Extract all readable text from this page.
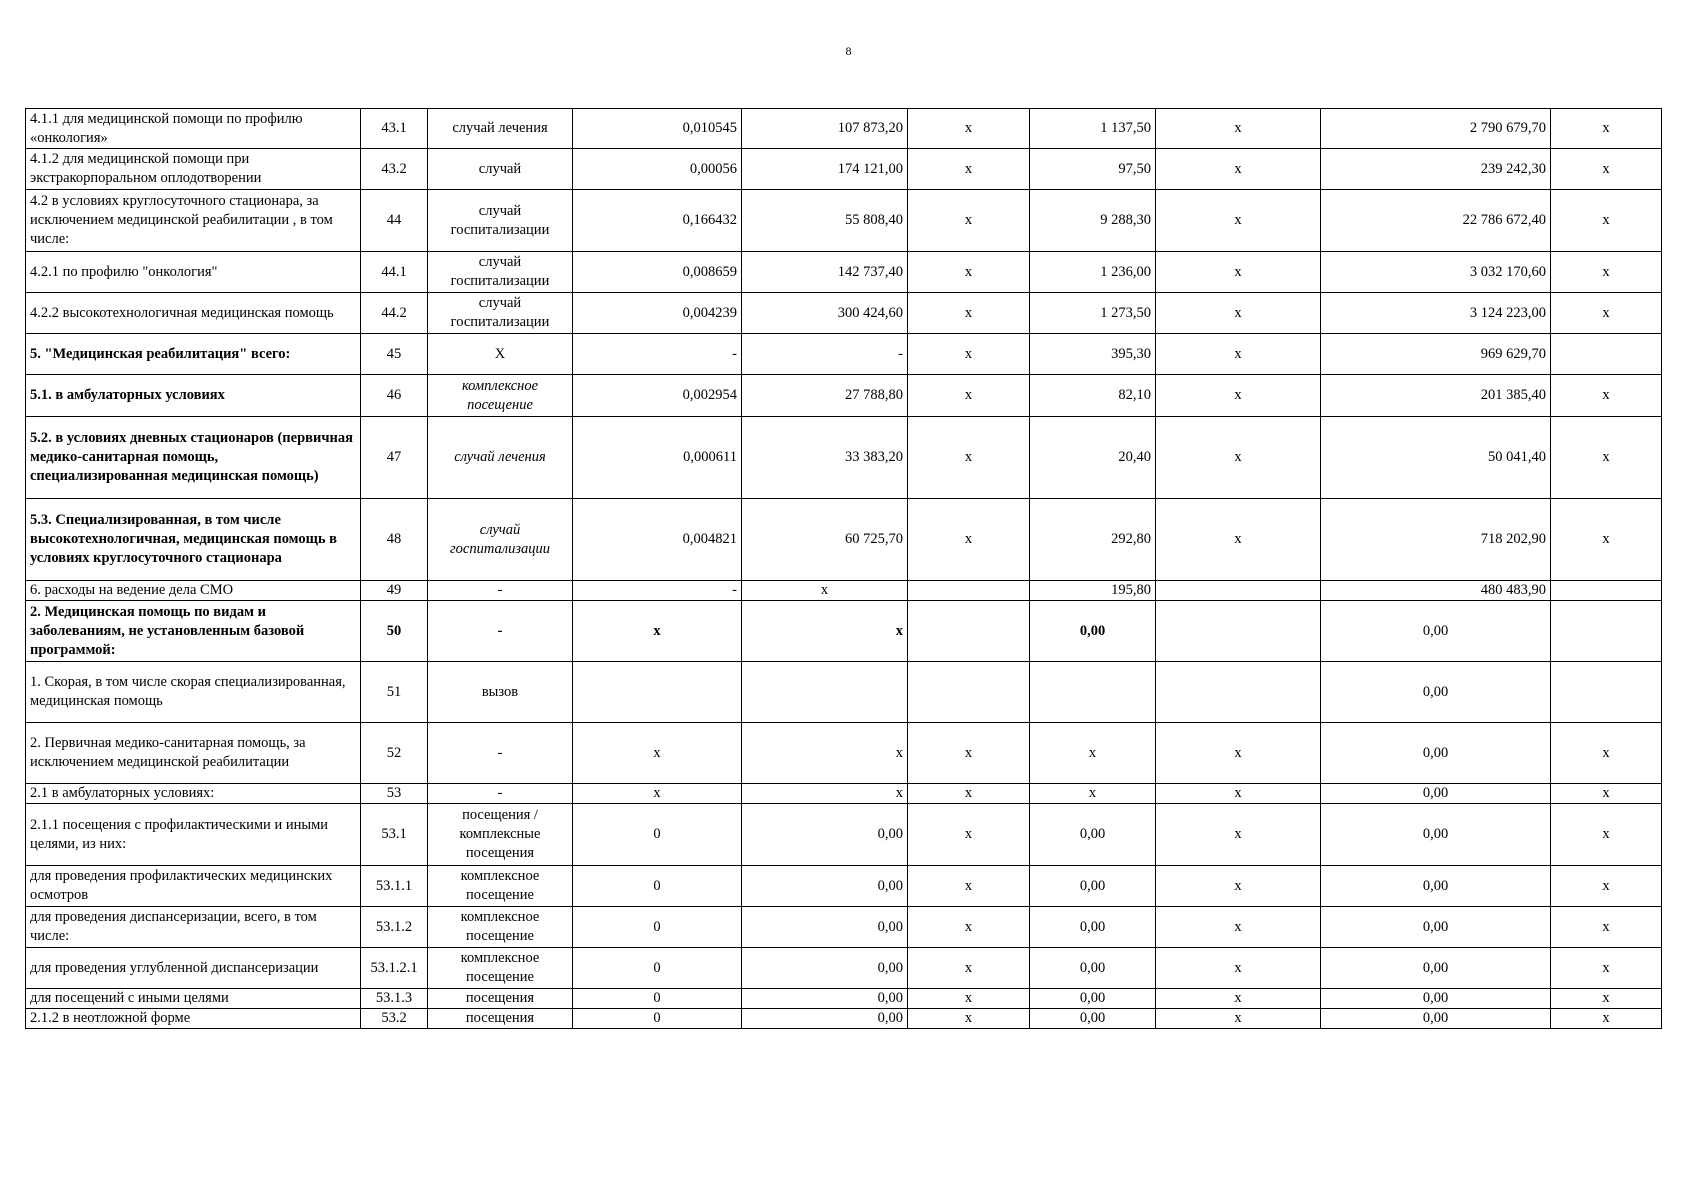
8
4.1.1 для медицинской помощи по профилю «онкология»	43.1	случай лечения	0,010545	107 873,20	x	1 137,50	x	2 790 679,70	x
4.1.2 для медицинской помощи при экстракорпоральном оплодотворении	43.2	случай	0,00056	174 121,00	x	97,50	x	239 242,30	x
4.2 в условиях круглосуточного стационара, за исключением медицинской реабилитации , в том числе:	44	случай госпитализации	0,166432	55 808,40	x	9 288,30	x	22 786 672,40	x
4.2.1 по профилю "онкология"	44.1	случай госпитализации	0,008659	142 737,40	x	1 236,00	x	3 032 170,60	x
4.2.2 высокотехнологичная медицинская помощь	44.2	случай госпитализации	0,004239	300 424,60	x	1 273,50	x	3 124 223,00	x
5. "Медицинская реабилитация" всего:	45	X	-	-	x	395,30	x	969 629,70	
5.1. в амбулаторных условиях	46	комплексное посещение	0,002954	27 788,80	x	82,10	x	201 385,40	x
5.2. в условиях дневных стационаров (первичная медико-санитарная помощь, специализированная медицинская помощь)	47	случай лечения	0,000611	33 383,20	x	20,40	x	50 041,40	x
5.3. Специализированная, в том числе высокотехнологичная, медицинская помощь в условиях круглосуточного стационара	48	случай госпитализации	0,004821	60 725,70	x	292,80	x	718 202,90	x
6. расходы на ведение дела СМО	49	-	-	x		195,80		480 483,90	
2. Медицинская помощь по видам и заболеваниям, не установленным базовой программой:	50	-	x	x		0,00		0,00	
1. Скорая, в том числе скорая специализированная, медицинская помощь	51	вызов						0,00	
2. Первичная медико-санитарная помощь, за исключением медицинской реабилитации	52	-	x	x	x	x	x	0,00	x
2.1 в амбулаторных условиях:	53	-	x	x	x	x	x	0,00	x
2.1.1 посещения с профилактическими и иными целями, из них:	53.1	посещения / комплексные посещения	0	0,00	x	0,00	x	0,00	x
для проведения профилактических медицинских осмотров	53.1.1	комплексное посещение	0	0,00	x	0,00	x	0,00	x
для проведения диспансеризации, всего, в том числе:	53.1.2	комплексное посещение	0	0,00	x	0,00	x	0,00	x
для проведения углубленной диспансеризации	53.1.2.1	комплексное посещение	0	0,00	x	0,00	x	0,00	x
для посещений с иными целями	53.1.3	посещения	0	0,00	x	0,00	x	0,00	x
2.1.2 в неотложной форме	53.2	посещения	0	0,00	x	0,00	x	0,00	x
